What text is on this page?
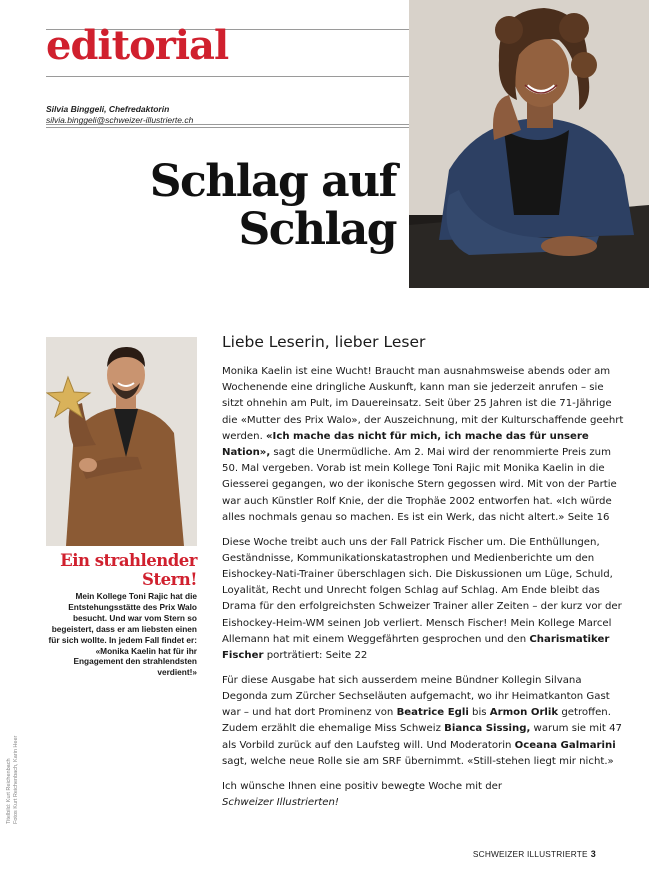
editorial
Silvia Binggeli, Chefredaktorin
silvia.binggeli@schweizer-illustrierte.ch
Schlag auf
Schlag
Ein strahlender
Stern!
Mein Kollege Toni Rajic hat die Entstehungsstätte des Prix Walo besucht. Und war vom Stern so begeistert, dass er am liebsten einen für sich wollte. In jedem Fall findet er: «Monika Kaelin hat für ihr Engagement den strahlendsten verdient!»
Titelbild: Kurt Reichenbach Fotos Kurt Reichenbach, Karin Heer
Liebe Leserin, lieber Leser

Monika Kaelin ist eine Wucht! Braucht man ausnahmsweise abends oder am Wochenende eine dringliche Auskunft, kann man sie jederzeit anrufen – sie sitzt ohnehin am Pult, im Dauereinsatz. Seit über 25 Jahren ist die 71-Jährige die «Mutter des Prix Walo», der Auszeichnung, mit der Kulturschaffende geehrt werden. «Ich mache das nicht für mich, ich mache das für unsere Nation», sagt die Unermüdliche. Am 2. Mai wird der renommierte Preis zum 50. Mal vergeben. Vorab ist mein Kollege Toni Rajic mit Monika Kaelin in die Giesserei gegangen, wo der ikonische Stern gegossen wird. Mit von der Partie war auch Künstler Rolf Knie, der die Trophäe 2002 entworfen hat. «Ich würde alles nochmals genau so machen. Es ist ein Werk, das nicht altert.» Seite 16

Diese Woche treibt auch uns der Fall Patrick Fischer um. Die Enthüllungen, Geständnisse, Kommunikationskatastrophen und Medienberichte um den Eishockey-Nati-Trainer überschlagen sich. Die Diskussionen um Lüge, Schuld, Loyalität, Recht und Unrecht folgen Schlag auf Schlag. Am Ende bleibt das Drama für den erfolgreichsten Schweizer Trainer aller Zeiten – der kurz vor der Eishockey-Heim-WM seinen Job verliert. Mensch Fischer! Mein Kollege Marcel Allemann hat mit einem Weggefährten gesprochen und den Charismatiker Fischer porträtiert: Seite 22

Für diese Ausgabe hat sich ausserdem meine Bündner Kollegin Silvana Degonda zum Zürcher Sechseläuten aufgemacht, wo ihr Heimatkanton Gast war – und hat dort Prominenz von Beatrice Egli bis Armon Orlik getroffen. Zudem erzählt die ehemalige Miss Schweiz Bianca Sissing, warum sie mit 47 als Vorbild zurück auf den Laufsteg will. Und Moderatorin Oceana Galmarini sagt, welche neue Rolle sie am SRF übernimmt. «Still-stehen liegt mir nicht.»

Ich wünsche Ihnen eine positiv bewegte Woche mit der
Schweizer Illustrierten!

SCHWEIZER ILLUSTRIERTE 3
